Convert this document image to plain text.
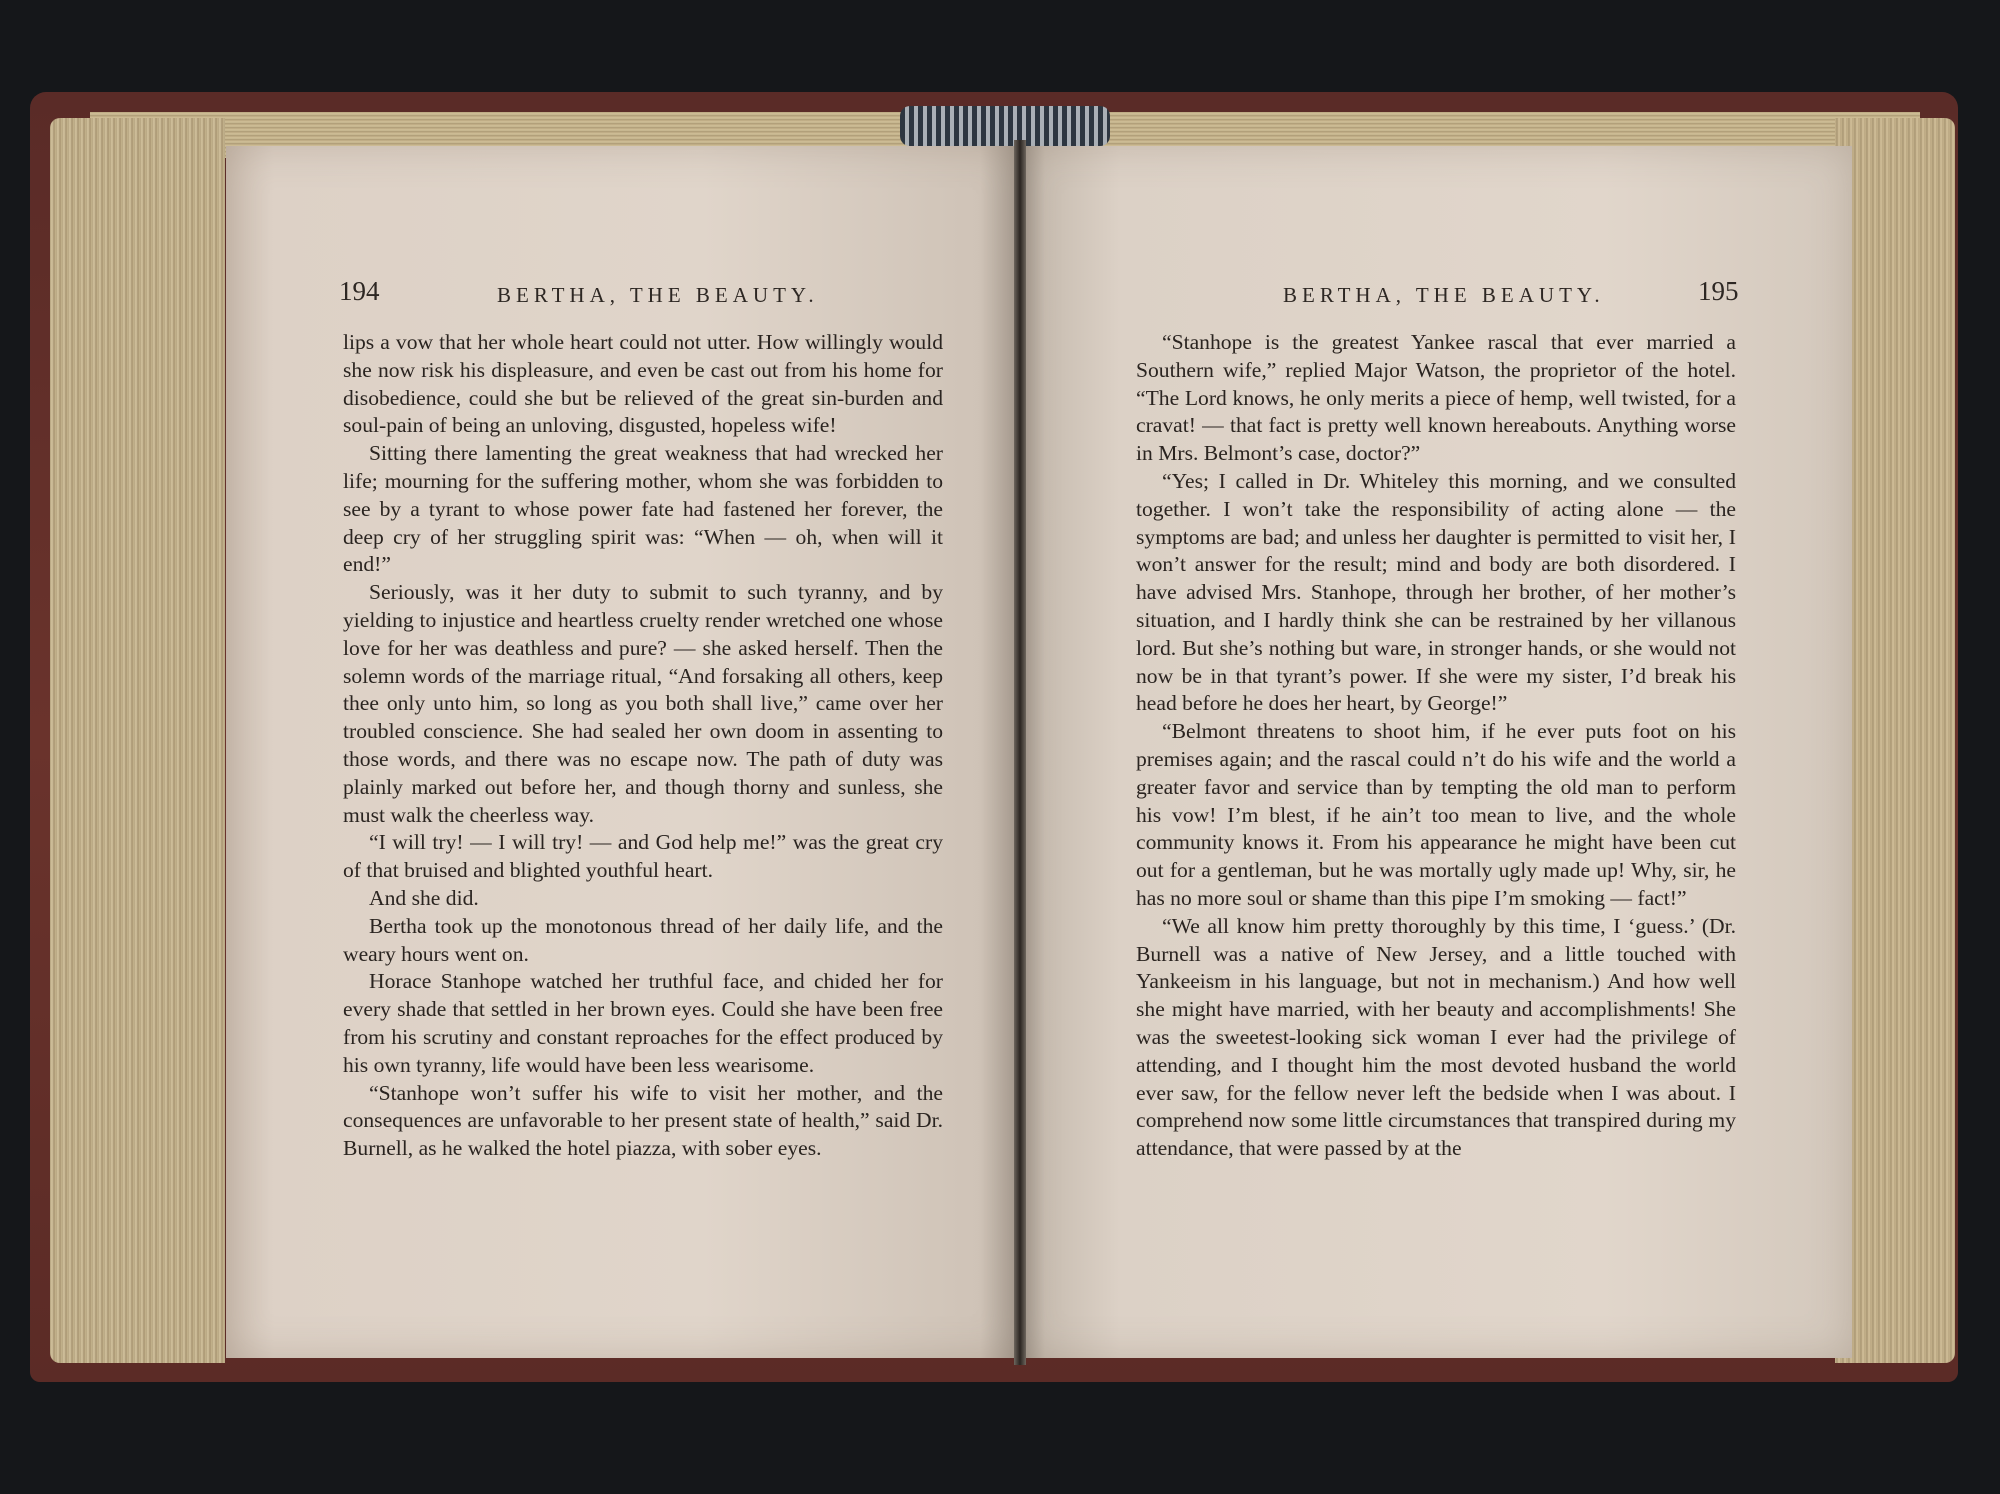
194	BERTHA, THE BEAUTY.	BERTHA, THE BEAUTY.	195

lips a vow that her whole heart could not utter. How willingly would she now risk his displeasure, and even be cast out from his home for disobedience, could she but be relieved of the great sin-burden and soul-pain of being an unloving, disgusted, hopeless wife!

Sitting there lamenting the great weakness that had wrecked her life; mourning for the suffering mother, whom she was forbidden to see by a tyrant to whose power fate had fastened her forever, the deep cry of her struggling spirit was: “When — oh, when will it end!”

Seriously, was it her duty to submit to such tyranny, and by yielding to injustice and heartless cruelty render wretched one whose love for her was deathless and pure? — she asked herself. Then the solemn words of the marriage ritual, “And forsaking all others, keep thee only unto him, so long as you both shall live,” came over her troubled conscience. She had sealed her own doom in assenting to those words, and there was no escape now. The path of duty was plainly marked out before her, and though thorny and sunless, she must walk the cheerless way.

“I will try! — I will try! — and God help me!” was the great cry of that bruised and blighted youthful heart.

And she did.

Bertha took up the monotonous thread of her daily life, and the weary hours went on.

Horace Stanhope watched her truthful face, and chided her for every shade that settled in her brown eyes. Could she have been free from his scrutiny and constant reproaches for the effect produced by his own tyranny, life would have been less wearisome.

“Stanhope won’t suffer his wife to visit her mother, and the consequences are unfavorable to her present state of health,” said Dr. Burnell, as he walked the hotel piazza, with sober eyes.

“Stanhope is the greatest Yankee rascal that ever married a Southern wife,” replied Major Watson, the proprietor of the hotel. “The Lord knows, he only merits a piece of hemp, well twisted, for a cravat! — that fact is pretty well known hereabouts. Anything worse in Mrs. Belmont’s case, doctor?”

“Yes; I called in Dr. Whiteley this morning, and we consulted together. I won’t take the responsibility of acting alone — the symptoms are bad; and unless her daughter is permitted to visit her, I won’t answer for the result; mind and body are both disordered. I have advised Mrs. Stanhope, through her brother, of her mother’s situation, and I hardly think she can be restrained by her villanous lord. But she’s nothing but ware, in stronger hands, or she would not now be in that tyrant’s power. If she were my sister, I’d break his head before he does her heart, by George!”

“Belmont threatens to shoot him, if he ever puts foot on his premises again; and the rascal could n’t do his wife and the world a greater favor and service than by tempting the old man to perform his vow! I’m blest, if he ain’t too mean to live, and the whole community knows it. From his appearance he might have been cut out for a gentleman, but he was mortally ugly made up! Why, sir, he has no more soul or shame than this pipe I’m smoking — fact!”

“We all know him pretty thoroughly by this time, I ‘guess.’ (Dr. Burnell was a native of New Jersey, and a little touched with Yankeeism in his language, but not in mechanism.) And how well she might have married, with her beauty and accomplishments! She was the sweetest-looking sick woman I ever had the privilege of attending, and I thought him the most devoted husband the world ever saw, for the fellow never left the bedside when I was about. I comprehend now some little circumstances that transpired during my attendance, that were passed by at the
